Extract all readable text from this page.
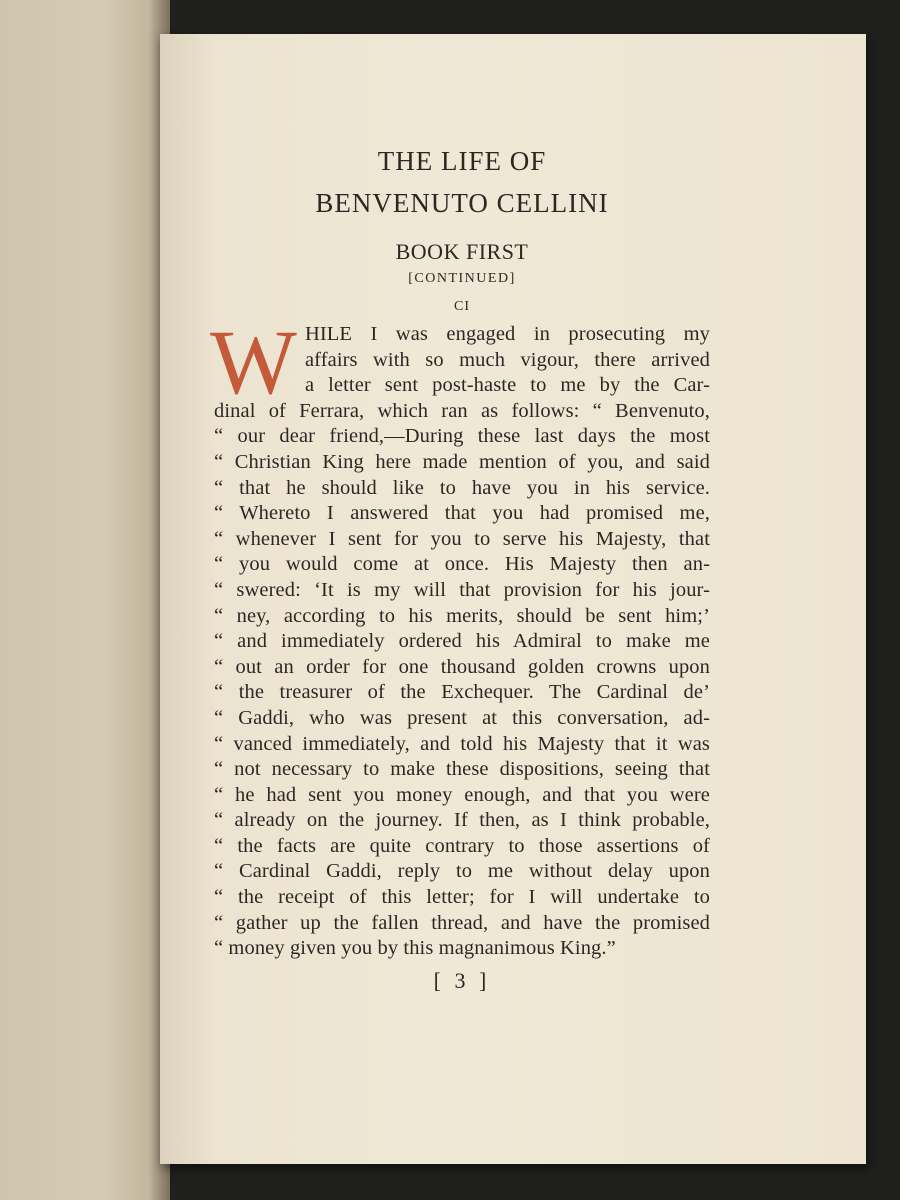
THE LIFE OF
BENVENUTO CELLINI
BOOK FIRST
[CONTINUED]
CI
W HILE I was engaged in prosecuting my
affairs with so much vigour, there arrived
a letter sent post-haste to me by the Car-
dinal of Ferrara, which ran as follows: “ Benvenuto,
“ our dear friend,—During these last days the most
“ Christian King here made mention of you, and said
“ that he should like to have you in his service.
“ Whereto I answered that you had promised me,
“ whenever I sent for you to serve his Majesty, that
“ you would come at once. His Majesty then an-
“ swered: ‘It is my will that provision for his jour-
“ ney, according to his merits, should be sent him;’
“ and immediately ordered his Admiral to make me
“ out an order for one thousand golden crowns upon
“ the treasurer of the Exchequer. The Cardinal de’
“ Gaddi, who was present at this conversation, ad-
“ vanced immediately, and told his Majesty that it was
“ not necessary to make these dispositions, seeing that
“ he had sent you money enough, and that you were
“ already on the journey. If then, as I think probable,
“ the facts are quite contrary to those assertions of
“ Cardinal Gaddi, reply to me without delay upon
“ the receipt of this letter; for I will undertake to
“ gather up the fallen thread, and have the promised
“ money given you by this magnanimous King.”
[ 3 ]
